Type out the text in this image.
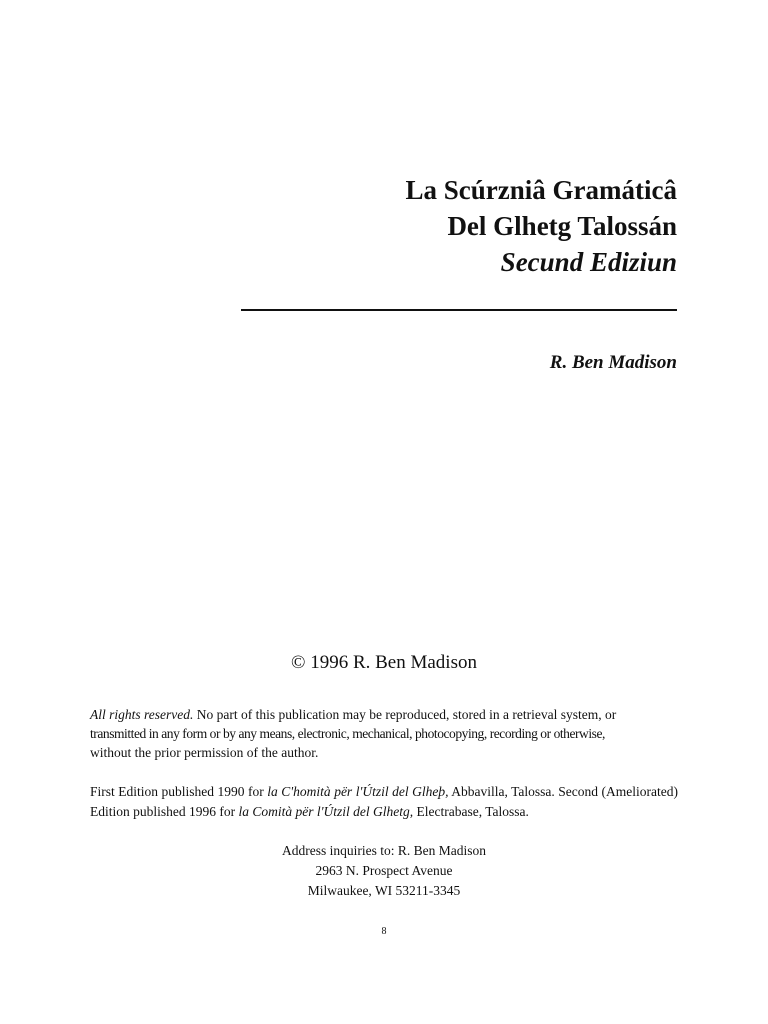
La Scúrzniâ Gramáticâ
Del Glhetg Talossán
Secund Ediziun
R. Ben Madison
© 1996 R. Ben Madison
All rights reserved. No part of this publication may be reproduced, stored in a retrieval system, or
transmitted in any form or by any means, electronic, mechanical, photocopying, recording or otherwise,
without the prior permission of the author.
First Edition published 1990 for la C'homità për l'Útzil del Glheþ, Abbavilla, Talossa. Second (Ameliorated) Edition published 1996 for la Comità për l'Útzil del Glhetg, Electrabase, Talossa.
Address inquiries to: R. Ben Madison
2963 N. Prospect Avenue
Milwaukee, WI 53211-3345
8
